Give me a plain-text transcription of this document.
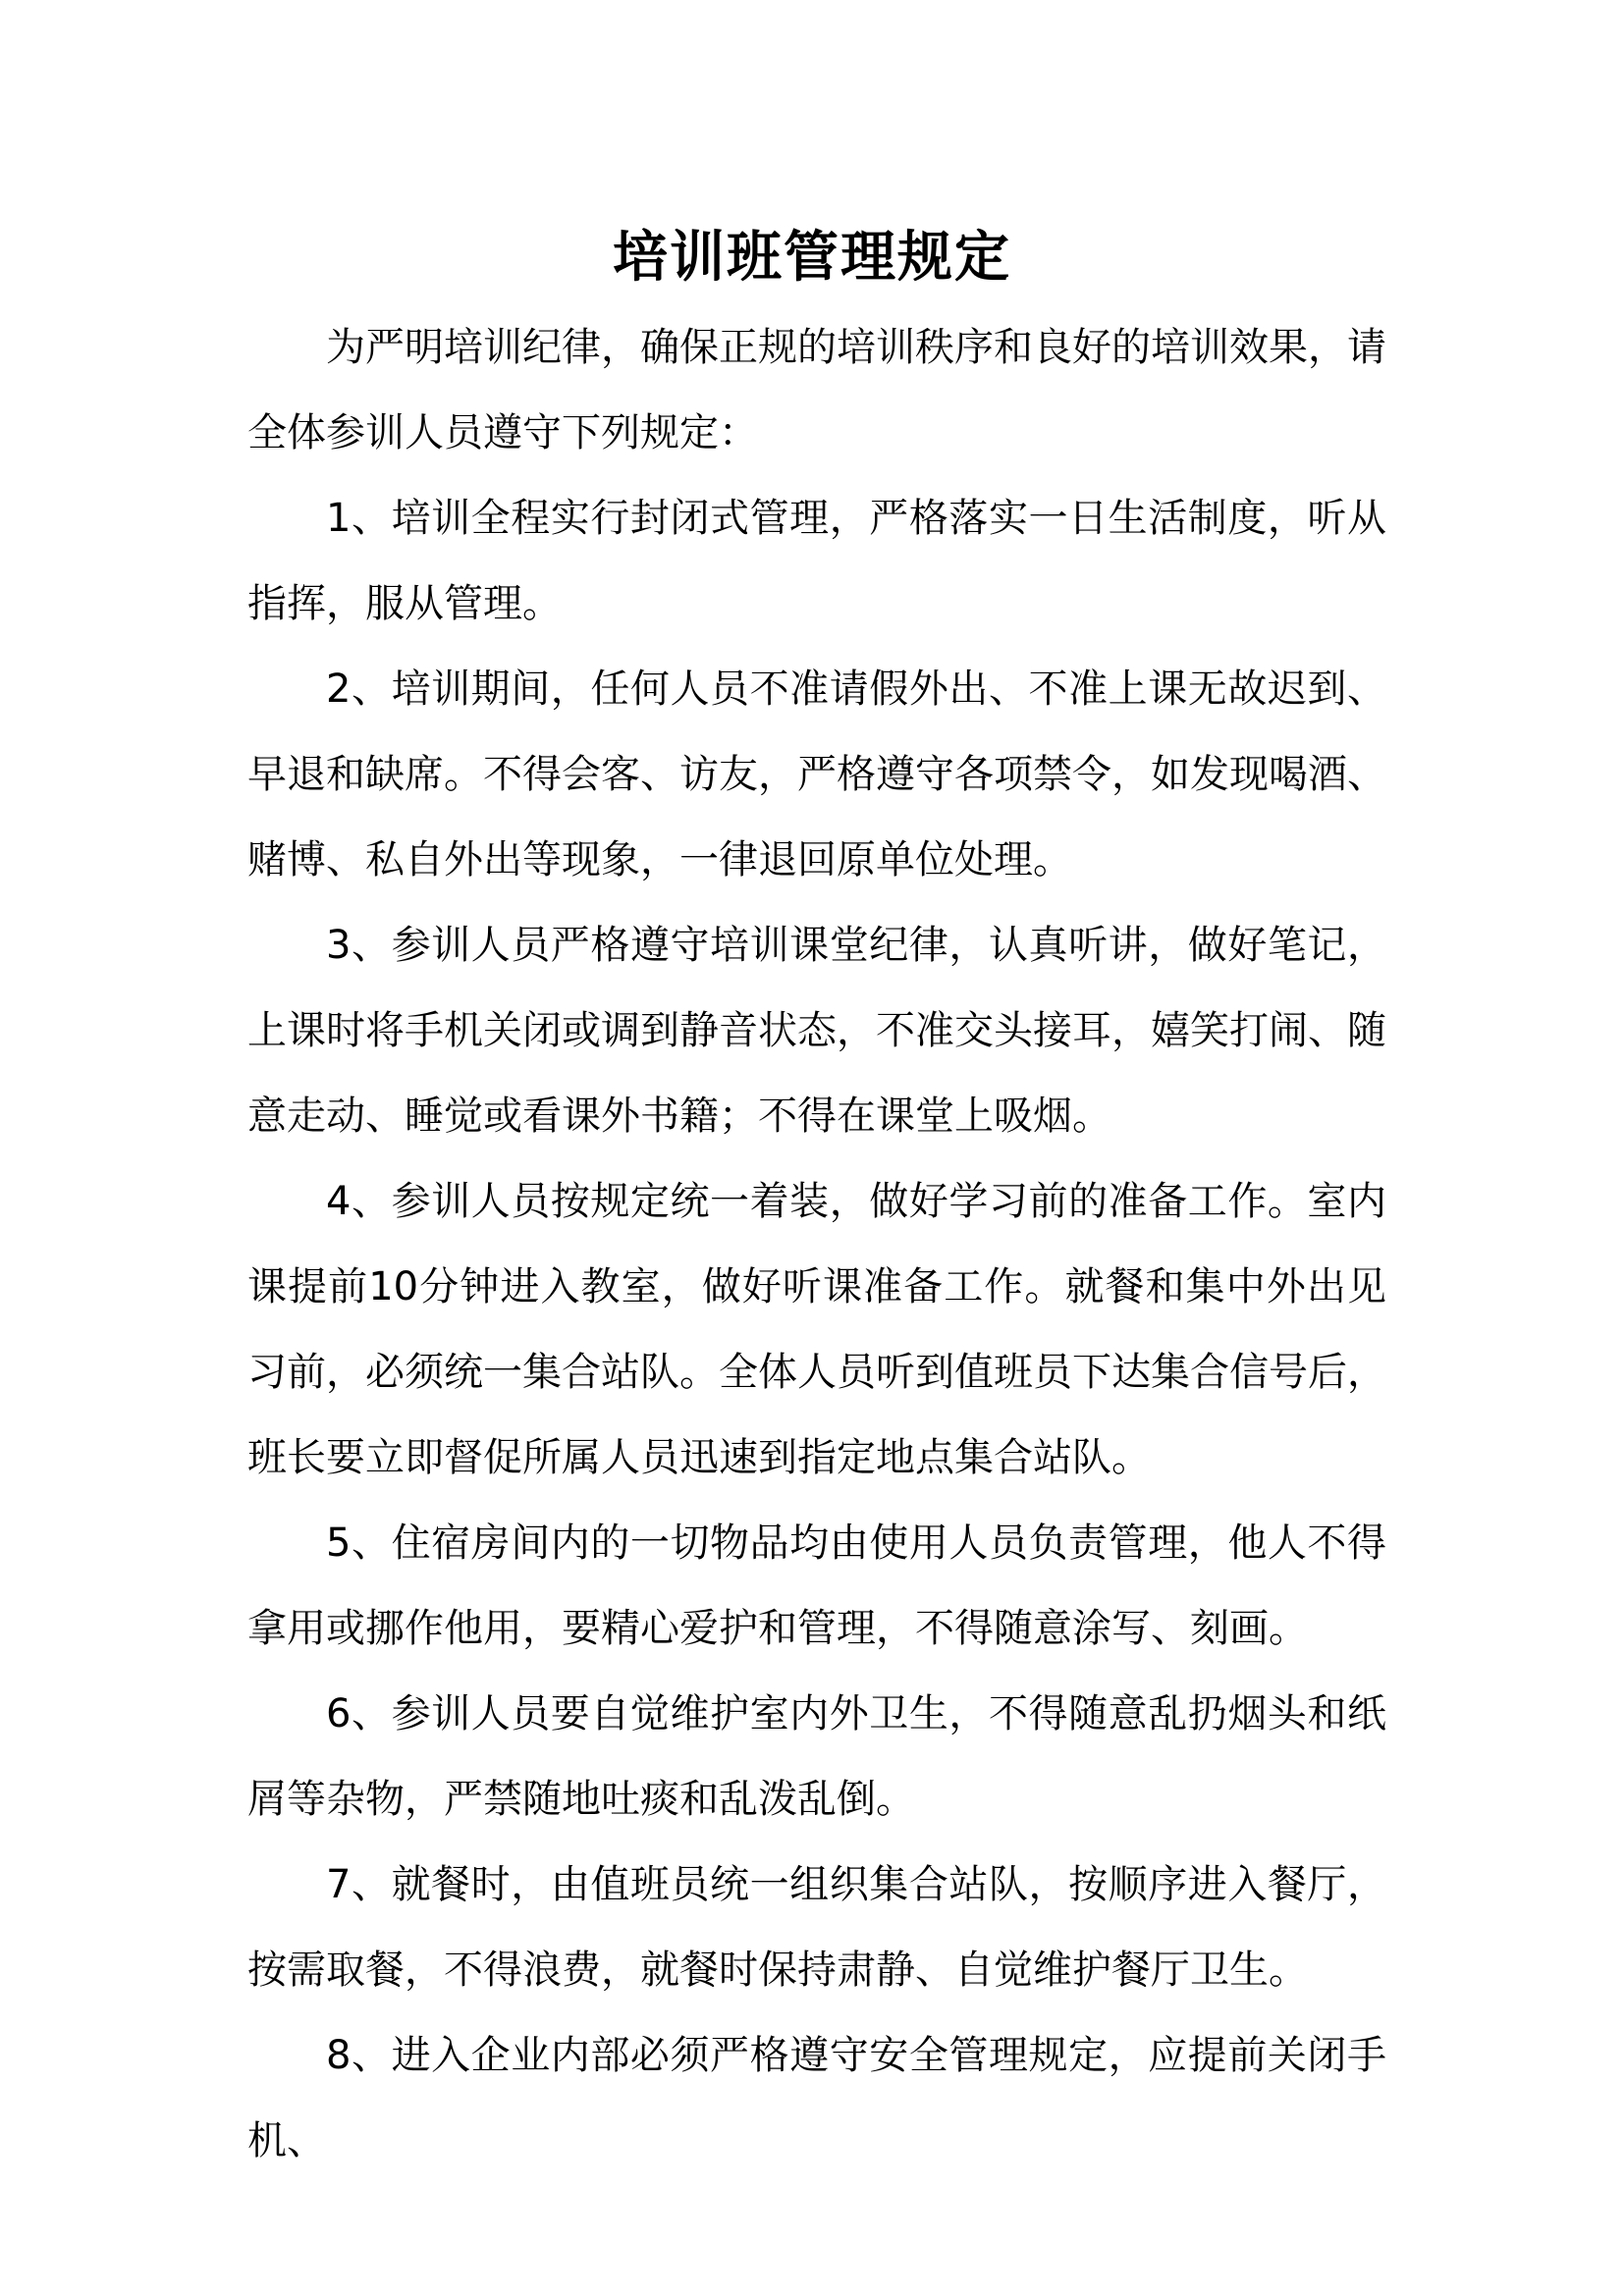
培训班管理规定

为严明培训纪律，确保正规的培训秩序和良好的培训效果，请全体参训人员遵守下列规定：

1、培训全程实行封闭式管理，严格落实一日生活制度，听从指挥，服从管理。

2、培训期间，任何人员不准请假外出、不准上课无故迟到、早退和缺席。不得会客、访友，严格遵守各项禁令，如发现喝酒、赌博、私自外出等现象，一律退回原单位处理。

3、参训人员严格遵守培训课堂纪律，认真听讲，做好笔记，上课时将手机关闭或调到静音状态，不准交头接耳，嬉笑打闹、随意走动、睡觉或看课外书籍；不得在课堂上吸烟。

4、参训人员按规定统一着装，做好学习前的准备工作。室内课提前10分钟进入教室，做好听课准备工作。就餐和集中外出见习前，必须统一集合站队。全体人员听到值班员下达集合信号后，班长要立即督促所属人员迅速到指定地点集合站队。

5、住宿房间内的一切物品均由使用人员负责管理，他人不得拿用或挪作他用，要精心爱护和管理，不得随意涂写、刻画。

6、参训人员要自觉维护室内外卫生，不得随意乱扔烟头和纸屑等杂物，严禁随地吐痰和乱泼乱倒。

7、就餐时，由值班员统一组织集合站队，按顺序进入餐厅，按需取餐，不得浪费，就餐时保持肃静、自觉维护餐厅卫生。

8、进入企业内部必须严格遵守安全管理规定，应提前关闭手机、
